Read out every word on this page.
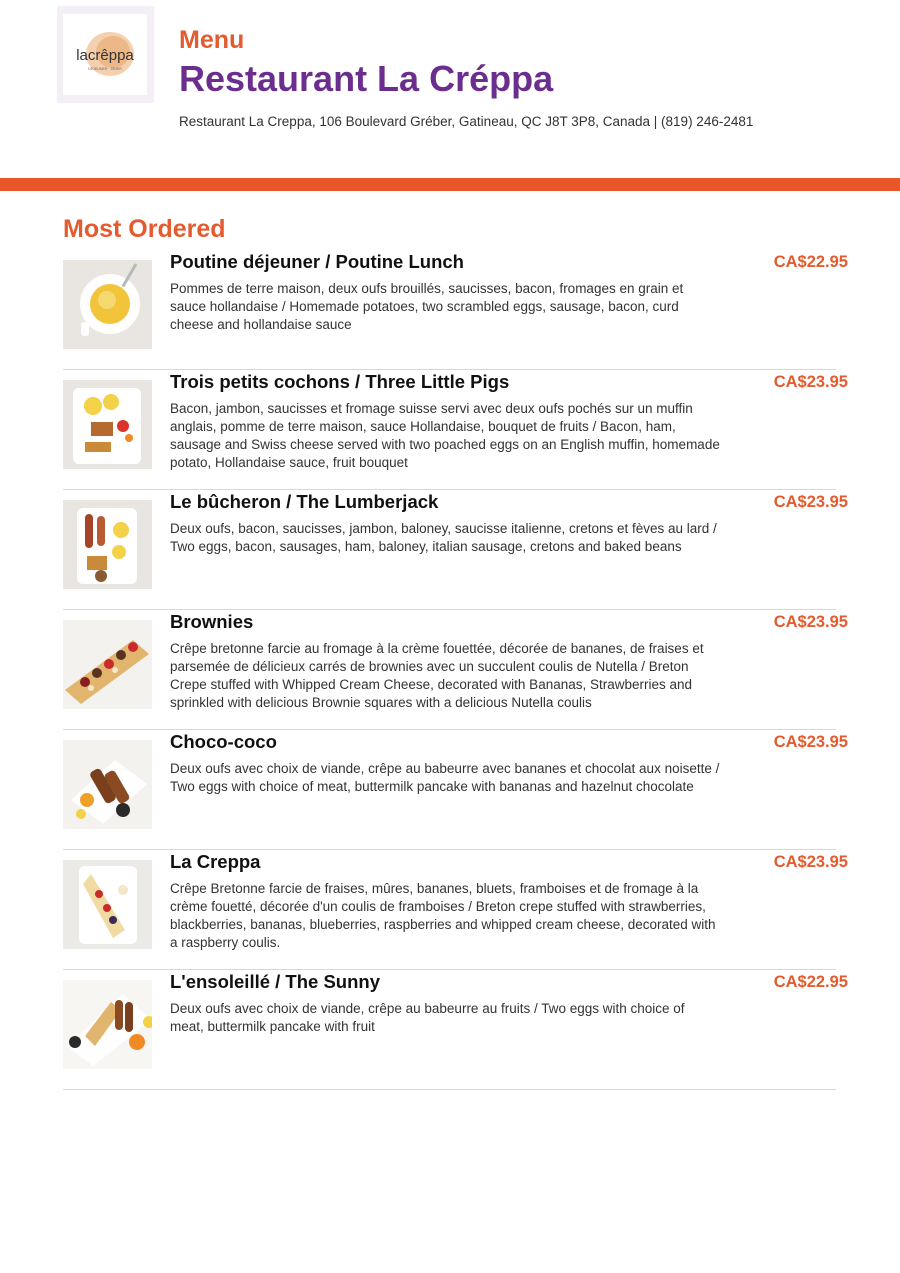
lacrêppa
DÉJEUNER · DÎNER
Menu
Restaurant La Créppa
Restaurant La Creppa, 106 Boulevard Gréber, Gatineau, QC J8T 3P8, Canada | (819) 246-2481
Most Ordered
Poutine déjeuner / Poutine Lunch
Pommes de terre maison, deux oufs brouillés, saucisses, bacon, fromages en grain et sauce hollandaise / Homemade potatoes, two scrambled eggs, sausage, bacon, curd cheese and hollandaise sauce
CA$22.95
Trois petits cochons / Three Little Pigs
Bacon, jambon, saucisses et fromage suisse servi avec deux oufs pochés sur un muffin anglais, pomme de terre maison, sauce Hollandaise, bouquet de fruits / Bacon, ham, sausage and Swiss cheese served with two poached eggs on an English muffin, homemade potato, Hollandaise sauce, fruit bouquet
CA$23.95
Le bûcheron / The Lumberjack
Deux oufs, bacon, saucisses, jambon, baloney, saucisse italienne, cretons et fèves au lard / Two eggs, bacon, sausages, ham, baloney, italian sausage, cretons and baked beans
CA$23.95
Brownies
Crêpe bretonne farcie au fromage à la crème fouettée, décorée de bananes, de fraises et parsemée de délicieux carrés de brownies avec un succulent coulis de Nutella / Breton Crepe stuffed with Whipped Cream Cheese, decorated with Bananas, Strawberries and sprinkled with delicious Brownie squares with a delicious Nutella coulis
CA$23.95
Choco-coco
Deux oufs avec choix de viande, crêpe au babeurre avec bananes et chocolat aux noisette / Two eggs with choice of meat, buttermilk pancake with bananas and hazelnut chocolate
CA$23.95
La Creppa
Crêpe Bretonne farcie de fraises, mûres, bananes, bluets, framboises et de fromage à la crème fouetté, décorée d'un coulis de framboises / Breton crepe stuffed with strawberries, blackberries, bananas, blueberries, raspberries and whipped cream cheese, decorated with a raspberry coulis.
CA$23.95
L'ensoleillé / The Sunny
Deux oufs avec choix de viande, crêpe au babeurre au fruits / Two eggs with choice of meat, buttermilk pancake with fruit
CA$22.95
